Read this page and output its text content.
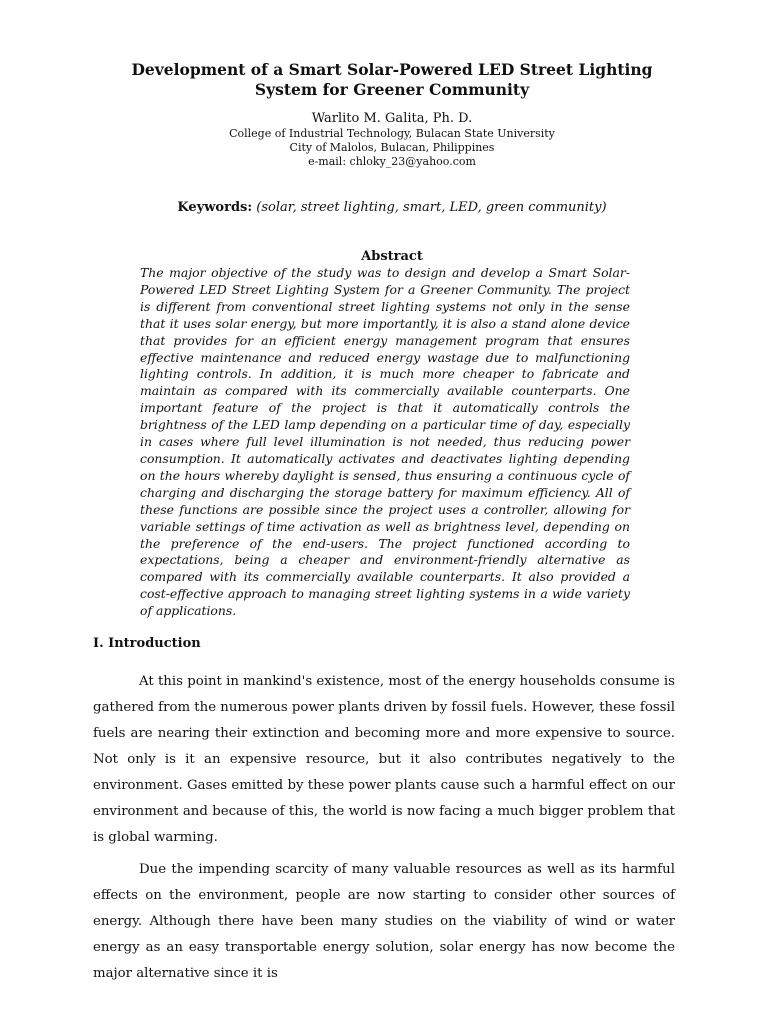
Development of a Smart Solar-Powered LED Street Lighting
System for Greener Community
Warlito M. Galita, Ph. D.
College of Industrial Technology, Bulacan State University
City of Malolos, Bulacan, Philippines
e-mail: chloky_23@yahoo.com
Keywords: (solar, street lighting, smart, LED, green community)
Abstract

The major objective of the study was to design and develop a Smart Solar-Powered LED Street Lighting System for a Greener Community. The project is different from conventional street lighting systems not only in the sense that it uses solar energy, but more importantly, it is also a stand alone device that provides for an efficient energy management program that ensures effective maintenance and reduced energy wastage due to malfunctioning lighting controls. In addition, it is much more cheaper to fabricate and maintain as compared with its commercially available counterparts. One important feature of the project is that it automatically controls the brightness of the LED lamp depending on a particular time of day, especially in cases where full level illumination is not needed, thus reducing power consumption. It automatically activates and deactivates lighting depending on the hours whereby daylight is sensed, thus ensuring a continuous cycle of charging and discharging the storage battery for maximum efficiency. All of these functions are possible since the project uses a controller, allowing for variable settings of time activation as well as brightness level, depending on the preference of the end-users. The project functioned according to expectations, being a cheaper and environment-friendly alternative as compared with its commercially available counterparts. It also provided a cost-effective approach to managing street lighting systems in a wide variety of applications.

I. Introduction

At this point in mankind's existence, most of the energy households consume is gathered from the numerous power plants driven by fossil fuels. However, these fossil fuels are nearing their extinction and becoming more and more expensive to source. Not only is it an expensive resource, but it also contributes negatively to the environment. Gases emitted by these power plants cause such a harmful effect on our environment and because of this, the world is now facing a much bigger problem that is global warming.

Due the impending scarcity of many valuable resources as well as its harmful effects on the environment, people are now starting to consider other sources of energy. Although there have been many studies on the viability of wind or water energy as an easy transportable energy solution, solar energy has now become the major alternative since it is
